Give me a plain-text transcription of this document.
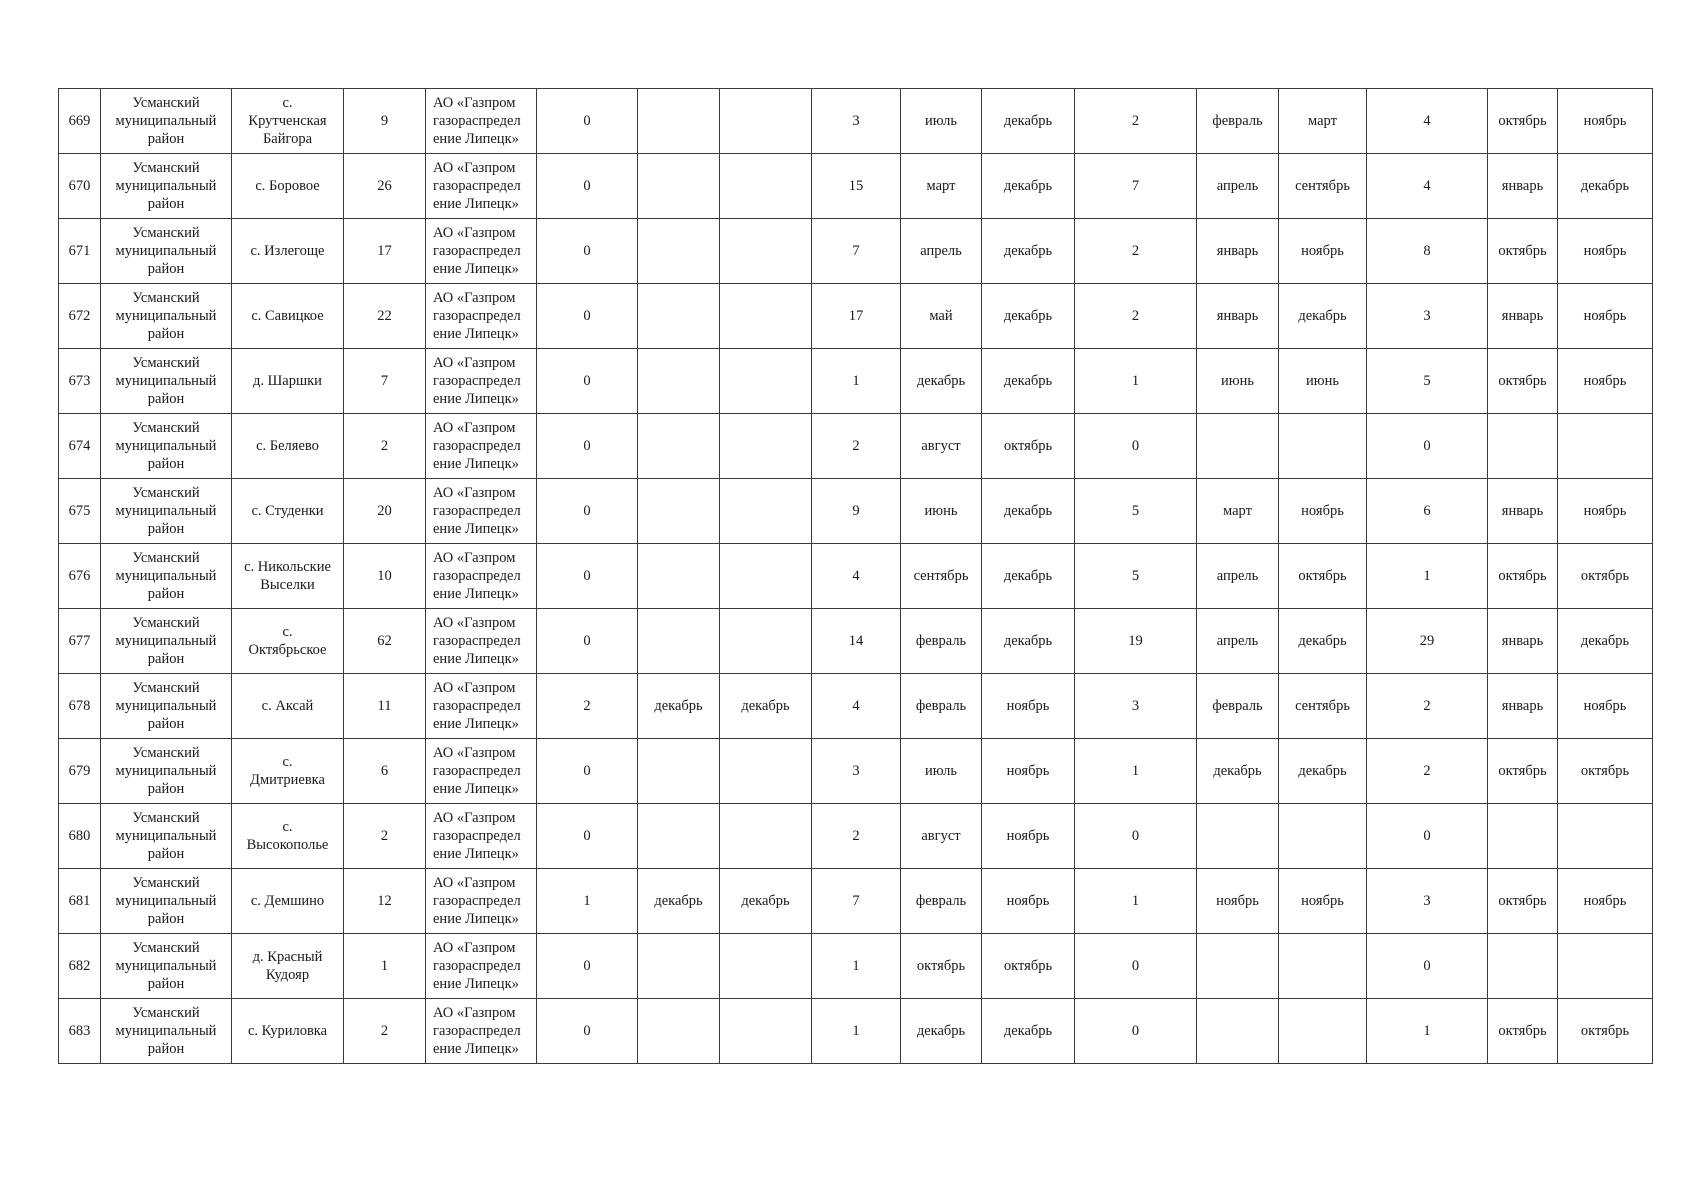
669	Усманский
муниципальный
район	с.
Крутченская
Байгора	9	АО «Газпром
газораспредел
ение Липецк»	0			3	июль	декабрь	2	февраль	март	4	октябрь	ноябрь
670	Усманский
муниципальный
район	с. Боровое	26	АО «Газпром
газораспредел
ение Липецк»	0			15	март	декабрь	7	апрель	сентябрь	4	январь	декабрь
671	Усманский
муниципальный
район	с. Излегоще	17	АО «Газпром
газораспредел
ение Липецк»	0			7	апрель	декабрь	2	январь	ноябрь	8	октябрь	ноябрь
672	Усманский
муниципальный
район	с. Савицкое	22	АО «Газпром
газораспредел
ение Липецк»	0			17	май	декабрь	2	январь	декабрь	3	январь	ноябрь
673	Усманский
муниципальный
район	д. Шаршки	7	АО «Газпром
газораспредел
ение Липецк»	0			1	декабрь	декабрь	1	июнь	июнь	5	октябрь	ноябрь
674	Усманский
муниципальный
район	с. Беляево	2	АО «Газпром
газораспредел
ение Липецк»	0			2	август	октябрь	0			0		
675	Усманский
муниципальный
район	с. Студенки	20	АО «Газпром
газораспредел
ение Липецк»	0			9	июнь	декабрь	5	март	ноябрь	6	январь	ноябрь
676	Усманский
муниципальный
район	с. Никольские
Выселки	10	АО «Газпром
газораспредел
ение Липецк»	0			4	сентябрь	декабрь	5	апрель	октябрь	1	октябрь	октябрь
677	Усманский
муниципальный
район	с.
Октябрьское	62	АО «Газпром
газораспредел
ение Липецк»	0			14	февраль	декабрь	19	апрель	декабрь	29	январь	декабрь
678	Усманский
муниципальный
район	с. Аксай	11	АО «Газпром
газораспредел
ение Липецк»	2	декабрь	декабрь	4	февраль	ноябрь	3	февраль	сентябрь	2	январь	ноябрь
679	Усманский
муниципальный
район	с.
Дмитриевка	6	АО «Газпром
газораспредел
ение Липецк»	0			3	июль	ноябрь	1	декабрь	декабрь	2	октябрь	октябрь
680	Усманский
муниципальный
район	с.
Высокополье	2	АО «Газпром
газораспредел
ение Липецк»	0			2	август	ноябрь	0			0		
681	Усманский
муниципальный
район	с. Демшино	12	АО «Газпром
газораспредел
ение Липецк»	1	декабрь	декабрь	7	февраль	ноябрь	1	ноябрь	ноябрь	3	октябрь	ноябрь
682	Усманский
муниципальный
район	д. Красный
Кудояр	1	АО «Газпром
газораспредел
ение Липецк»	0			1	октябрь	октябрь	0			0		
683	Усманский
муниципальный
район	с. Куриловка	2	АО «Газпром
газораспредел
ение Липецк»	0			1	декабрь	декабрь	0			1	октябрь	октябрь
